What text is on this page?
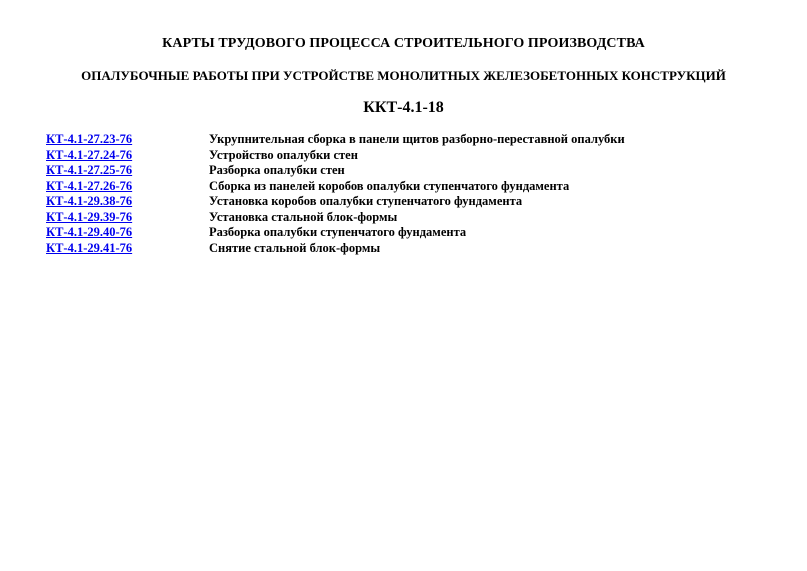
КАРТЫ ТРУДОВОГО ПРОЦЕССА СТРОИТЕЛЬНОГО ПРОИЗВОДСТВА
ОПАЛУБОЧНЫЕ РАБОТЫ ПРИ УСТРОЙСТВЕ МОНОЛИТНЫХ ЖЕЛЕЗОБЕТОННЫХ КОНСТРУКЦИЙ
ККТ-4.1-18
КТ-4.1-27.23-76	Укрупнительная сборка в панели щитов разборно-переставной опалубки
КТ-4.1-27.24-76	Устройство опалубки стен
КТ-4.1-27.25-76	Разборка опалубки стен
КТ-4.1-27.26-76	Сборка из панелей коробов опалубки ступенчатого фундамента
КТ-4.1-29.38-76	Установка коробов опалубки ступенчатого фундамента
КТ-4.1-29.39-76	Установка стальной блок-формы
КТ-4.1-29.40-76	Разборка опалубки ступенчатого фундамента
КТ-4.1-29.41-76	Снятие стальной блок-формы
